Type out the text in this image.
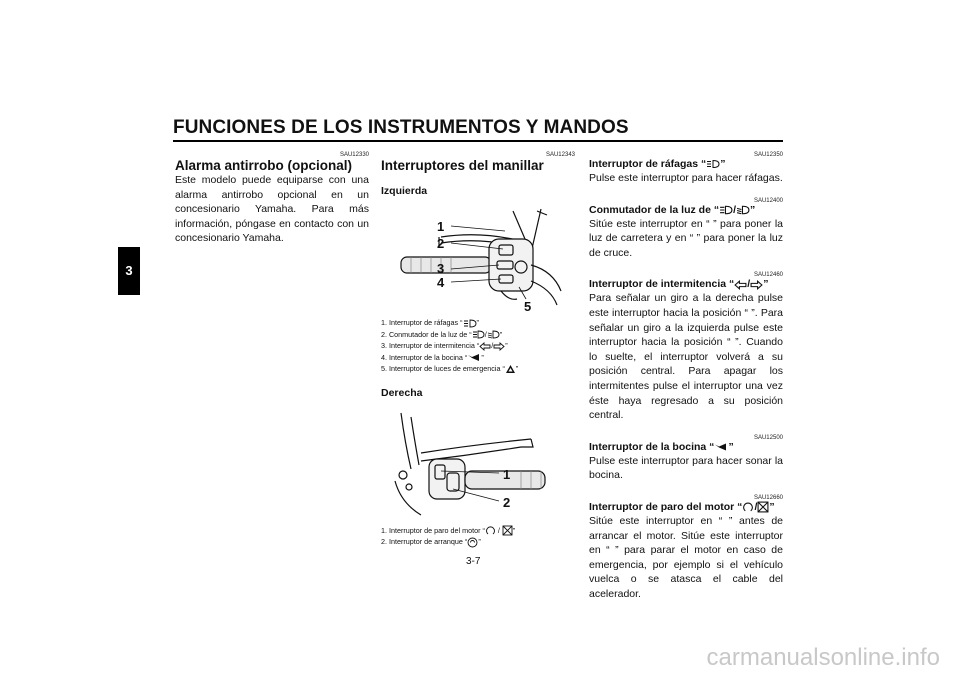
FUNCIONES DE LOS INSTRUMENTOS Y MANDOS
3
SAU12330
Alarma antirrobo (opcional)

Este modelo puede equiparse con una alarma antirrobo opcional en un concesionario Yamaha. Para más información, póngase en contacto con un concesionario Yamaha.

SAU12343
Interruptores del manillar
Izquierda
1
2
3
4
5
1. Interruptor de ráfagas “ ”
2. Conmutador de la luz de “ / ”
3. Interruptor de intermitencia “ / ”
4. Interruptor de la bocina “ ”
5. Interruptor de luces de emergencia “ ”
Derecha
1
2
1. Interruptor de paro del motor “ / ”
2. Interruptor de arranque “ ”
SAU12350
Interruptor de ráfagas “ ”

Pulse este interruptor para hacer ráfagas.

SAU12400
Conmutador de la luz de “ / ”

Sitúe este interruptor en “ ” para poner la luz de carretera y en “ ” para poner la luz de cruce.

SAU12460
Interruptor de intermitencia “ / ”

Para señalar un giro a la derecha pulse este interruptor hacia la posición “ ”. Para señalar un giro a la izquierda pulse este interruptor hacia la posición “ ”. Cuando lo suelte, el interruptor volverá a su posición central. Para apagar los intermitentes pulse el interruptor una vez éste haya regresado a su posición central.

SAU12500
Interruptor de la bocina “ ”

Pulse este interruptor para hacer sonar la bocina.

SAU12660
Interruptor de paro del motor “ / ”

Sitúe este interruptor en “ ” antes de arrancar el motor. Sitúe este interruptor en “ ” para parar el motor en caso de emergencia, por ejemplo si el vehículo vuelca o se atasca el cable del acelerador.

3-7
carmanualsonline.info
